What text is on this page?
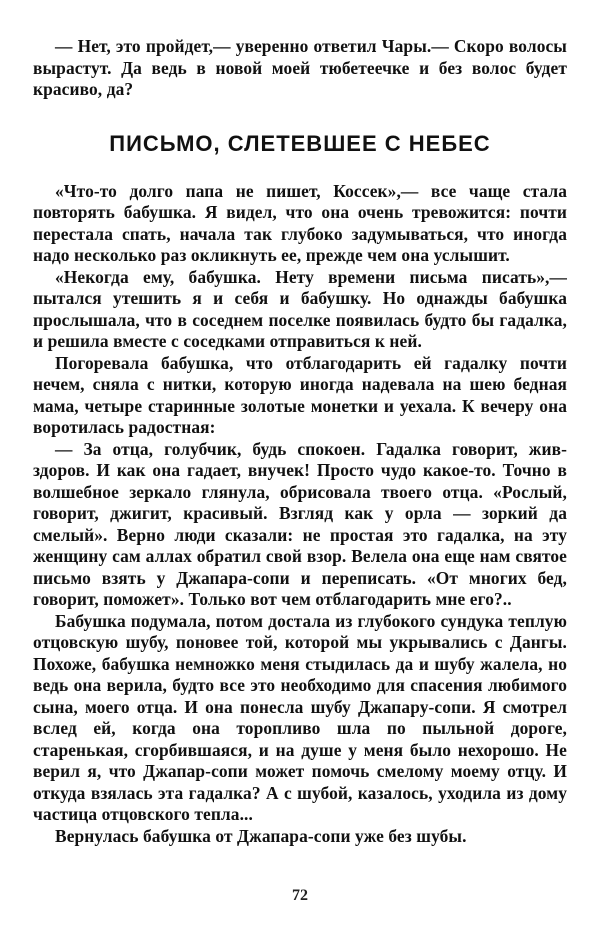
— Нет, это пройдет,— уверенно ответил Чары.— Скоро волосы вырастут. Да ведь в новой моей тюбетеечке и без волос будет красиво, да?

ПИСЬМО, СЛЕТЕВШЕЕ С НЕБЕС

«Что-то долго папа не пишет, Коссек»,— все чаще стала повторять бабушка. Я видел, что она очень тревожится: почти перестала спать, начала так глубоко задумываться, что иногда надо несколько раз окликнуть ее, прежде чем она услышит.

«Некогда ему, бабушка. Нету времени письма писать»,— пытался утешить я и себя и бабушку. Но однажды бабушка прослышала, что в соседнем поселке появилась будто бы гадалка, и решила вместе с соседками отправиться к ней.

Погоревала бабушка, что отблагодарить ей гадалку почти нечем, сняла с нитки, которую иногда надевала на шею бедная мама, четыре старинные золотые монетки и уехала. К вечеру она воротилась радостная:

— За отца, голубчик, будь спокоен. Гадалка говорит, жив-здоров. И как она гадает, внучек! Просто чудо какое-то. Точно в волшебное зеркало глянула, обрисовала твоего отца. «Рослый, говорит, джигит, красивый. Взгляд как у орла — зоркий да смелый». Верно люди сказали: не простая это гадалка, на эту женщину сам аллах обратил свой взор. Велела она еще нам святое письмо взять у Джапара-сопи и переписать. «От многих бед, говорит, поможет». Только вот чем отблагодарить мне его?..

Бабушка подумала, потом достала из глубокого сундука теплую отцовскую шубу, поновее той, которой мы укрывались с Дангы. Похоже, бабушка немножко меня стыдилась да и шубу жалела, но ведь она верила, будто все это необходимо для спасения любимого сына, моего отца. И она понесла шубу Джапару-сопи. Я смотрел вслед ей, когда она торопливо шла по пыльной дороге, старенькая, сгорбившаяся, и на душе у меня было нехорошо. Не верил я, что Джапар-сопи может помочь смелому моему отцу. И откуда взялась эта гадалка? А с шубой, казалось, уходила из дому частица отцовского тепла...

Вернулась бабушка от Джапара-сопи уже без шубы.

72
